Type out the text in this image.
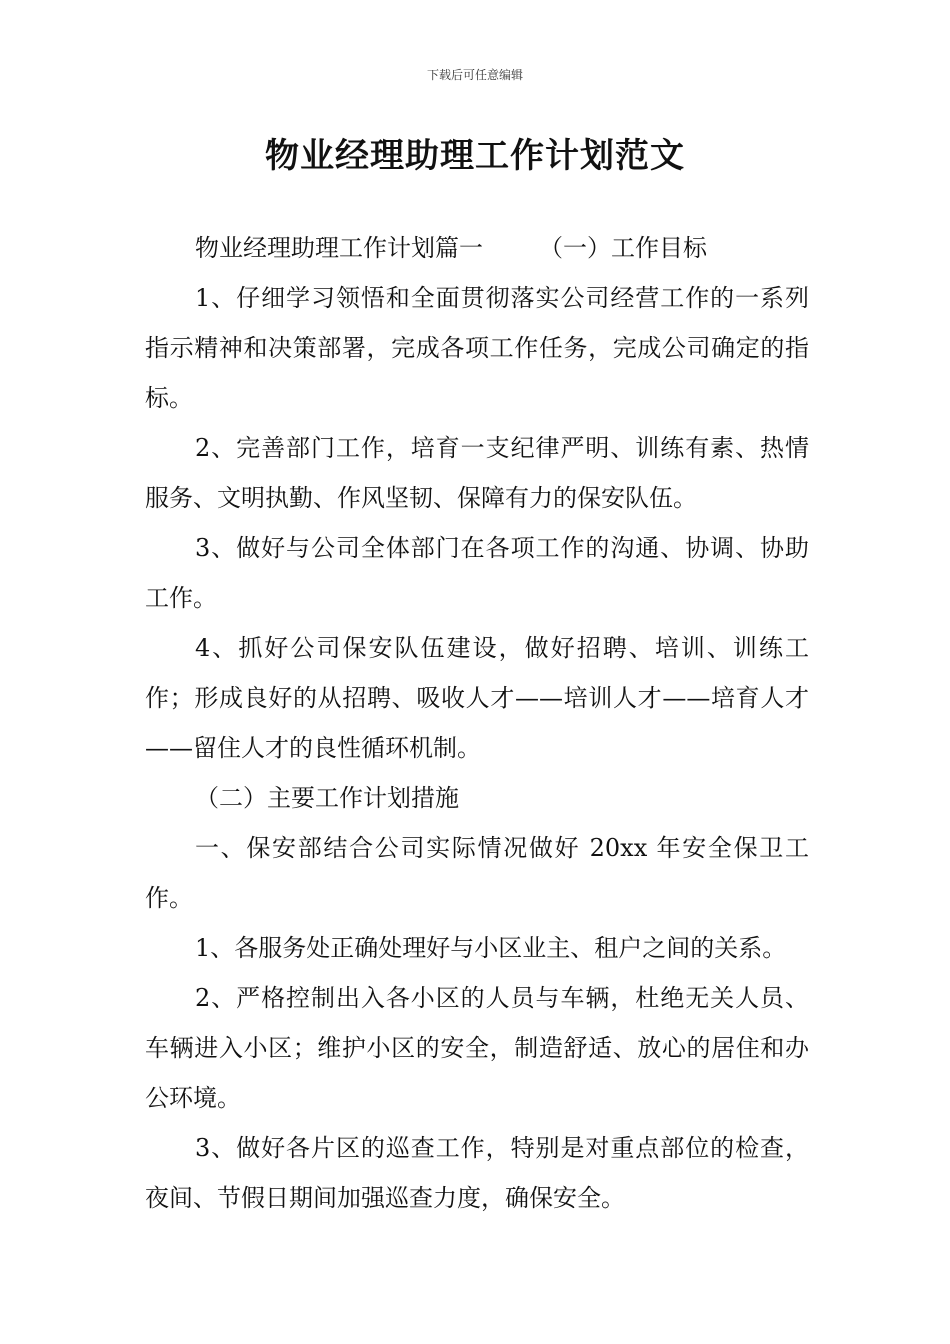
下载后可任意编辑
物业经理助理工作计划范文

物业经理助理工作计划篇一 （一）工作目标

1、仔细学习领悟和全面贯彻落实公司经营工作的一系列指示精神和决策部署，完成各项工作任务，完成公司确定的指标。

2、完善部门工作，培育一支纪律严明、训练有素、热情服务、文明执勤、作风坚韧、保障有力的保安队伍。

3、做好与公司全体部门在各项工作的沟通、协调、协助工作。

4、抓好公司保安队伍建设，做好招聘、培训、训练工作；形成良好的从招聘、吸收人才——培训人才——培育人才——留住人才的良性循环机制。

（二）主要工作计划措施

一、保安部结合公司实际情况做好 20xx 年安全保卫工作。

1、各服务处正确处理好与小区业主、租户之间的关系。

2、严格控制出入各小区的人员与车辆，杜绝无关人员、车辆进入小区；维护小区的安全，制造舒适、放心的居住和办公环境。

3、做好各片区的巡查工作，特别是对重点部位的检查，夜间、节假日期间加强巡查力度，确保安全。
